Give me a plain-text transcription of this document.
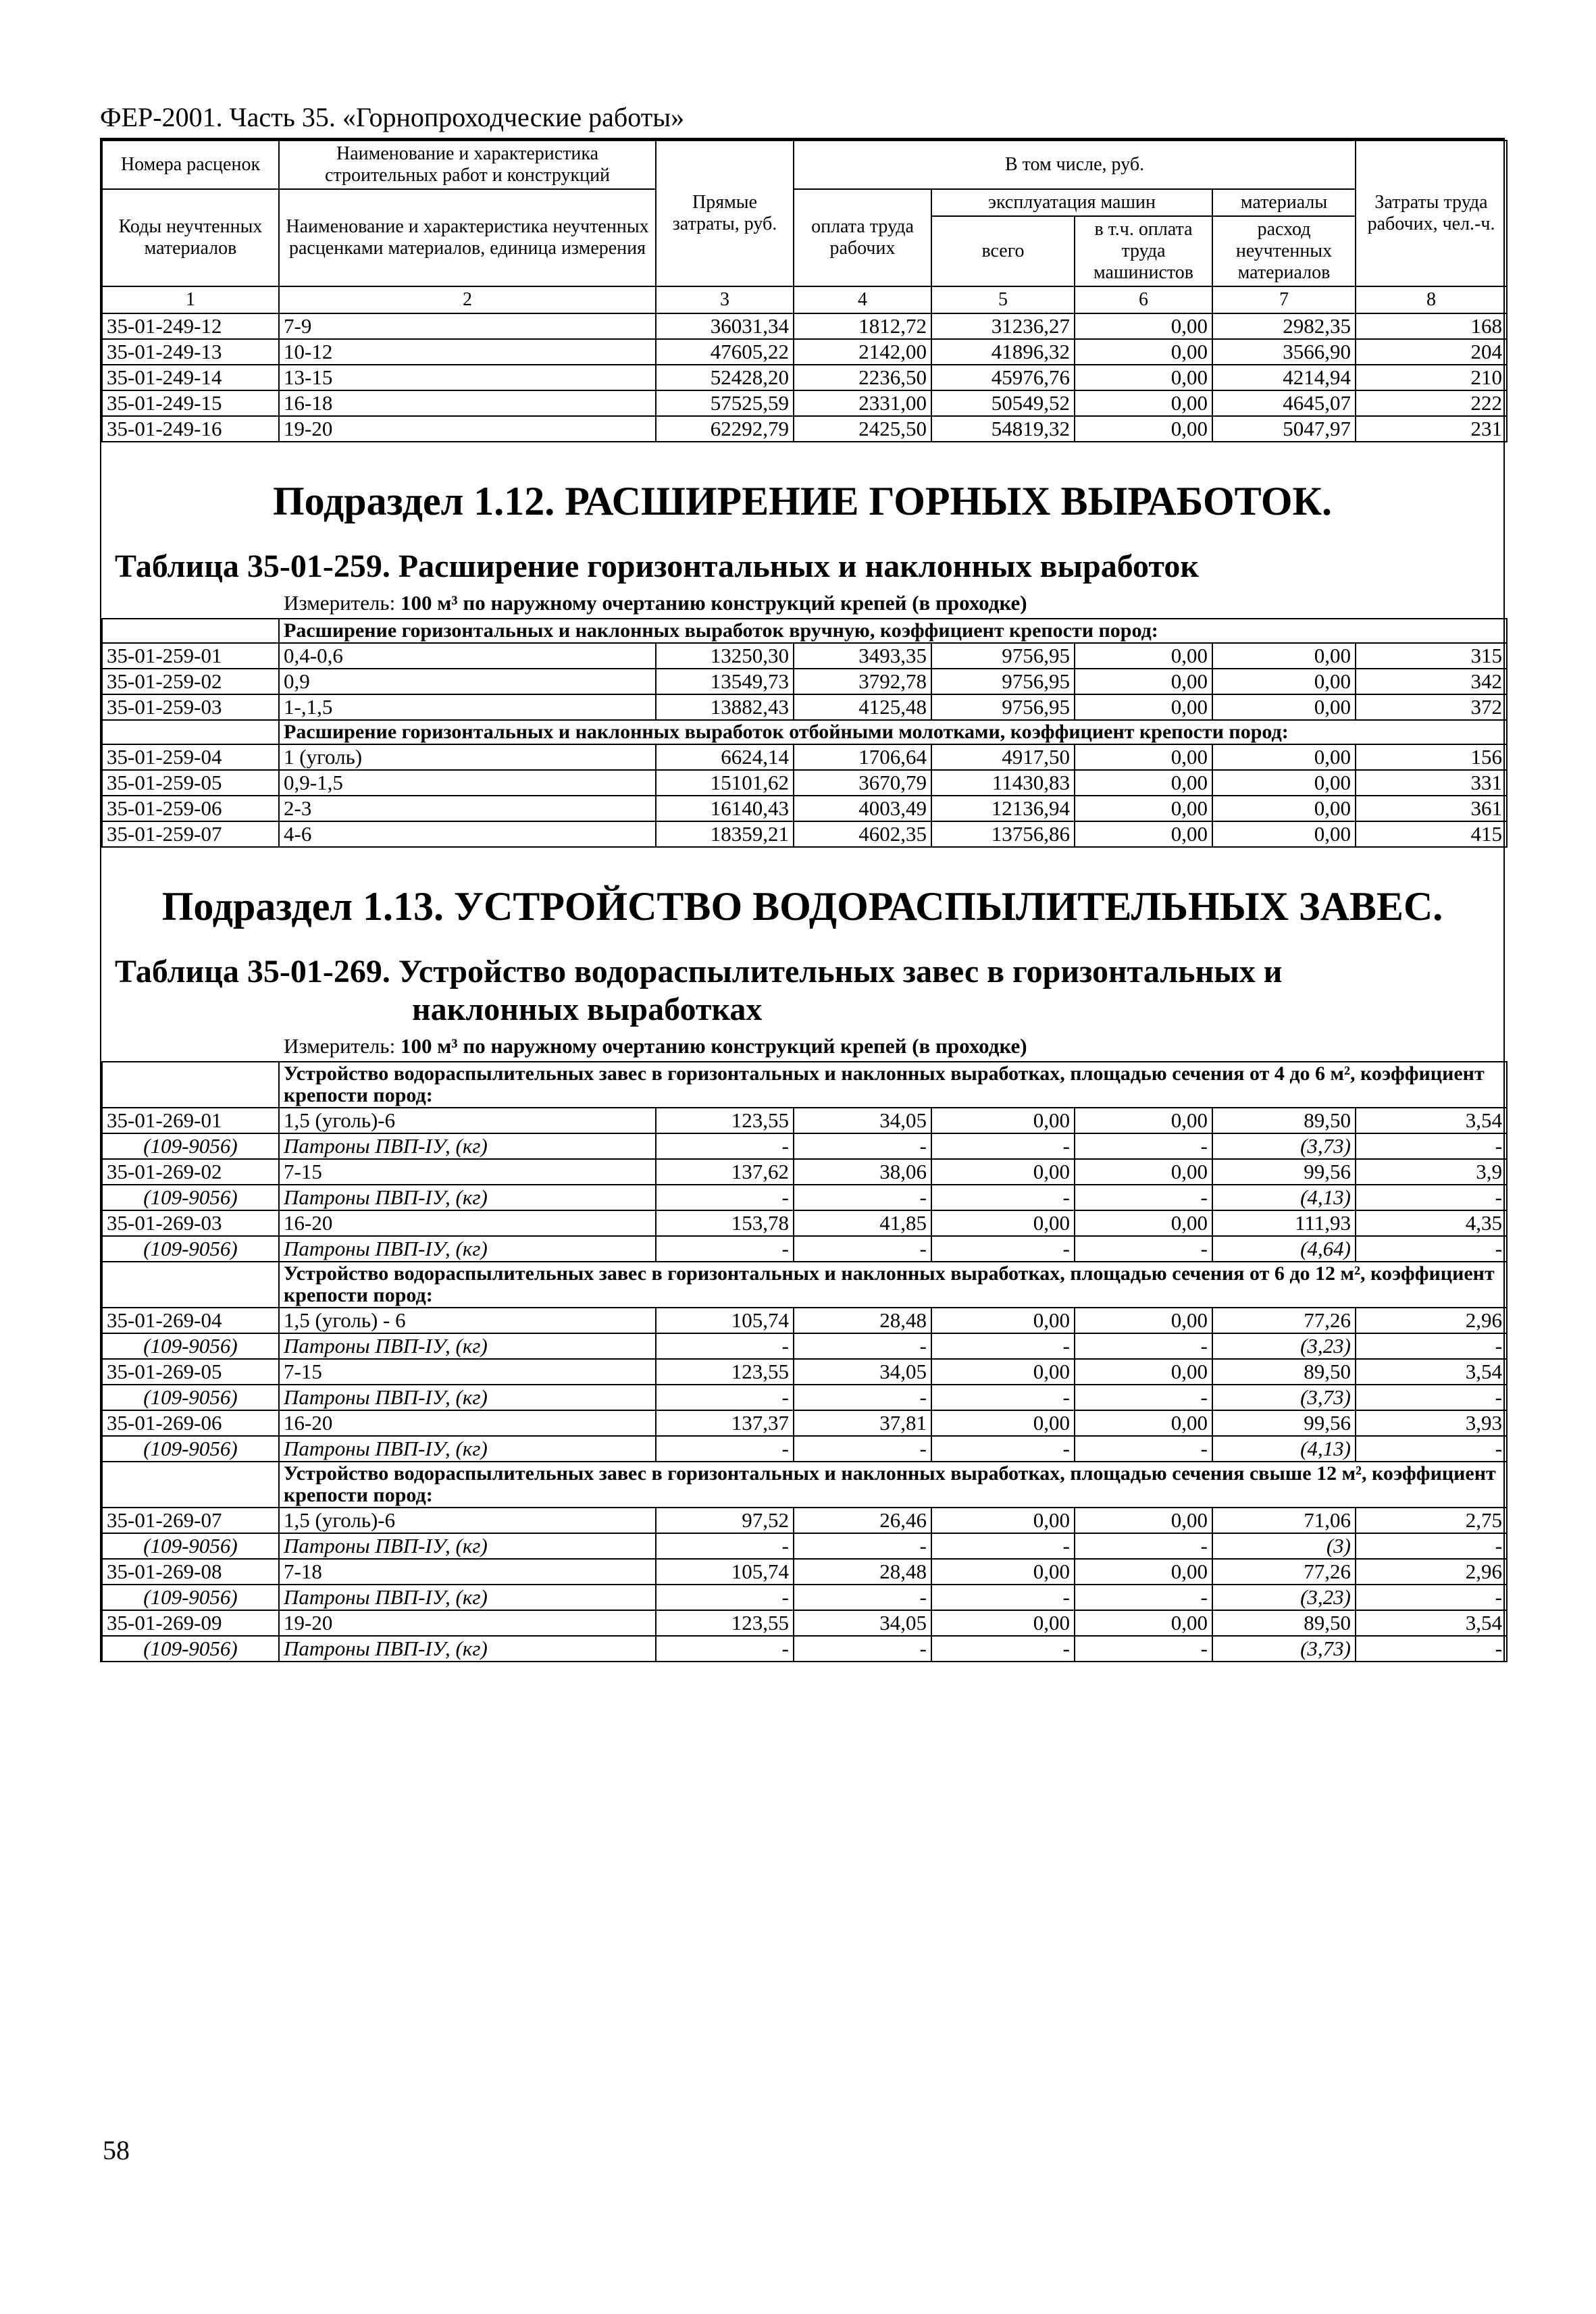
ФЕР-2001. Часть 35. «Горнопроходческие работы»
Номера расценок	Наименование и характеристика строительных работ и конструкций	Прямые затраты, руб.	В том числе, руб.				Затраты труда рабочих, чел.-ч.
Коды неучтенных материалов	Наименование и характеристика неучтенных расценками материалов, единица измерения		оплата труда рабочих	эксплуатация машин		материалы	
				всего	в т.ч. оплата труда машинистов	расход неучтенных материалов	
1	2	3	4	5	6	7	8
35-01-249-12	7-9	36031,34	1812,72	31236,27	0,00	2982,35	168
35-01-249-13	10-12	47605,22	2142,00	41896,32	0,00	3566,90	204
35-01-249-14	13-15	52428,20	2236,50	45976,76	0,00	4214,94	210
35-01-249-15	16-18	57525,59	2331,00	50549,52	0,00	4645,07	222
35-01-249-16	19-20	62292,79	2425,50	54819,32	0,00	5047,97	231
Подраздел 1.12. РАСШИРЕНИЕ ГОРНЫХ ВЫРАБОТОК.
Таблица 35-01-259. Расширение горизонтальных и наклонных выработок
Измеритель: 100 м³ по наружному очертанию конструкций крепей (в проходке)
	Расширение горизонтальных и наклонных выработок вручную, коэффициент крепости пород:						
35-01-259-01	0,4-0,6	13250,30	3493,35	9756,95	0,00	0,00	315
35-01-259-02	0,9	13549,73	3792,78	9756,95	0,00	0,00	342
35-01-259-03	1-,1,5	13882,43	4125,48	9756,95	0,00	0,00	372
	Расширение горизонтальных и наклонных выработок отбойными молотками, коэффициент крепости пород:						
35-01-259-04	1 (уголь)	6624,14	1706,64	4917,50	0,00	0,00	156
35-01-259-05	0,9-1,5	15101,62	3670,79	11430,83	0,00	0,00	331
35-01-259-06	2-3	16140,43	4003,49	12136,94	0,00	0,00	361
35-01-259-07	4-6	18359,21	4602,35	13756,86	0,00	0,00	415
Подраздел 1.13. УСТРОЙСТВО ВОДОРАСПЫЛИТЕЛЬНЫХ ЗАВЕС.
Таблица 35-01-269. Устройство водораспылительных завес в горизонтальных и
наклонных выработках
Измеритель: 100 м³ по наружному очертанию конструкций крепей (в проходке)
	Устройство водораспылительных завес в горизонтальных и наклонных выработках, площадью сечения от 4 до 6 м², коэффициент крепости пород:						
35-01-269-01	1,5 (уголь)-6	123,55	34,05	0,00	0,00	89,50	3,54
(109-9056)	Патроны ПВП-IУ, (кг)	-	-	-	-	(3,73)	-
35-01-269-02	7-15	137,62	38,06	0,00	0,00	99,56	3,9
(109-9056)	Патроны ПВП-IУ, (кг)	-	-	-	-	(4,13)	-
35-01-269-03	16-20	153,78	41,85	0,00	0,00	111,93	4,35
(109-9056)	Патроны ПВП-IУ, (кг)	-	-	-	-	(4,64)	-
	Устройство водораспылительных завес в горизонтальных и наклонных выработках, площадью сечения от 6 до 12 м², коэффициент крепости пород:						
35-01-269-04	1,5 (уголь) - 6	105,74	28,48	0,00	0,00	77,26	2,96
(109-9056)	Патроны ПВП-IУ, (кг)	-	-	-	-	(3,23)	-
35-01-269-05	7-15	123,55	34,05	0,00	0,00	89,50	3,54
(109-9056)	Патроны ПВП-IУ, (кг)	-	-	-	-	(3,73)	-
35-01-269-06	16-20	137,37	37,81	0,00	0,00	99,56	3,93
(109-9056)	Патроны ПВП-IУ, (кг)	-	-	-	-	(4,13)	-
	Устройство водораспылительных завес в горизонтальных и наклонных выработках, площадью сечения свыше 12 м², коэффициент крепости пород:						
35-01-269-07	1,5 (уголь)-6	97,52	26,46	0,00	0,00	71,06	2,75
(109-9056)	Патроны ПВП-IУ, (кг)	-	-	-	-	(3)	-
35-01-269-08	7-18	105,74	28,48	0,00	0,00	77,26	2,96
(109-9056)	Патроны ПВП-IУ, (кг)	-	-	-	-	(3,23)	-
35-01-269-09	19-20	123,55	34,05	0,00	0,00	89,50	3,54
(109-9056)	Патроны ПВП-IУ, (кг)	-	-	-	-	(3,73)	-
58
